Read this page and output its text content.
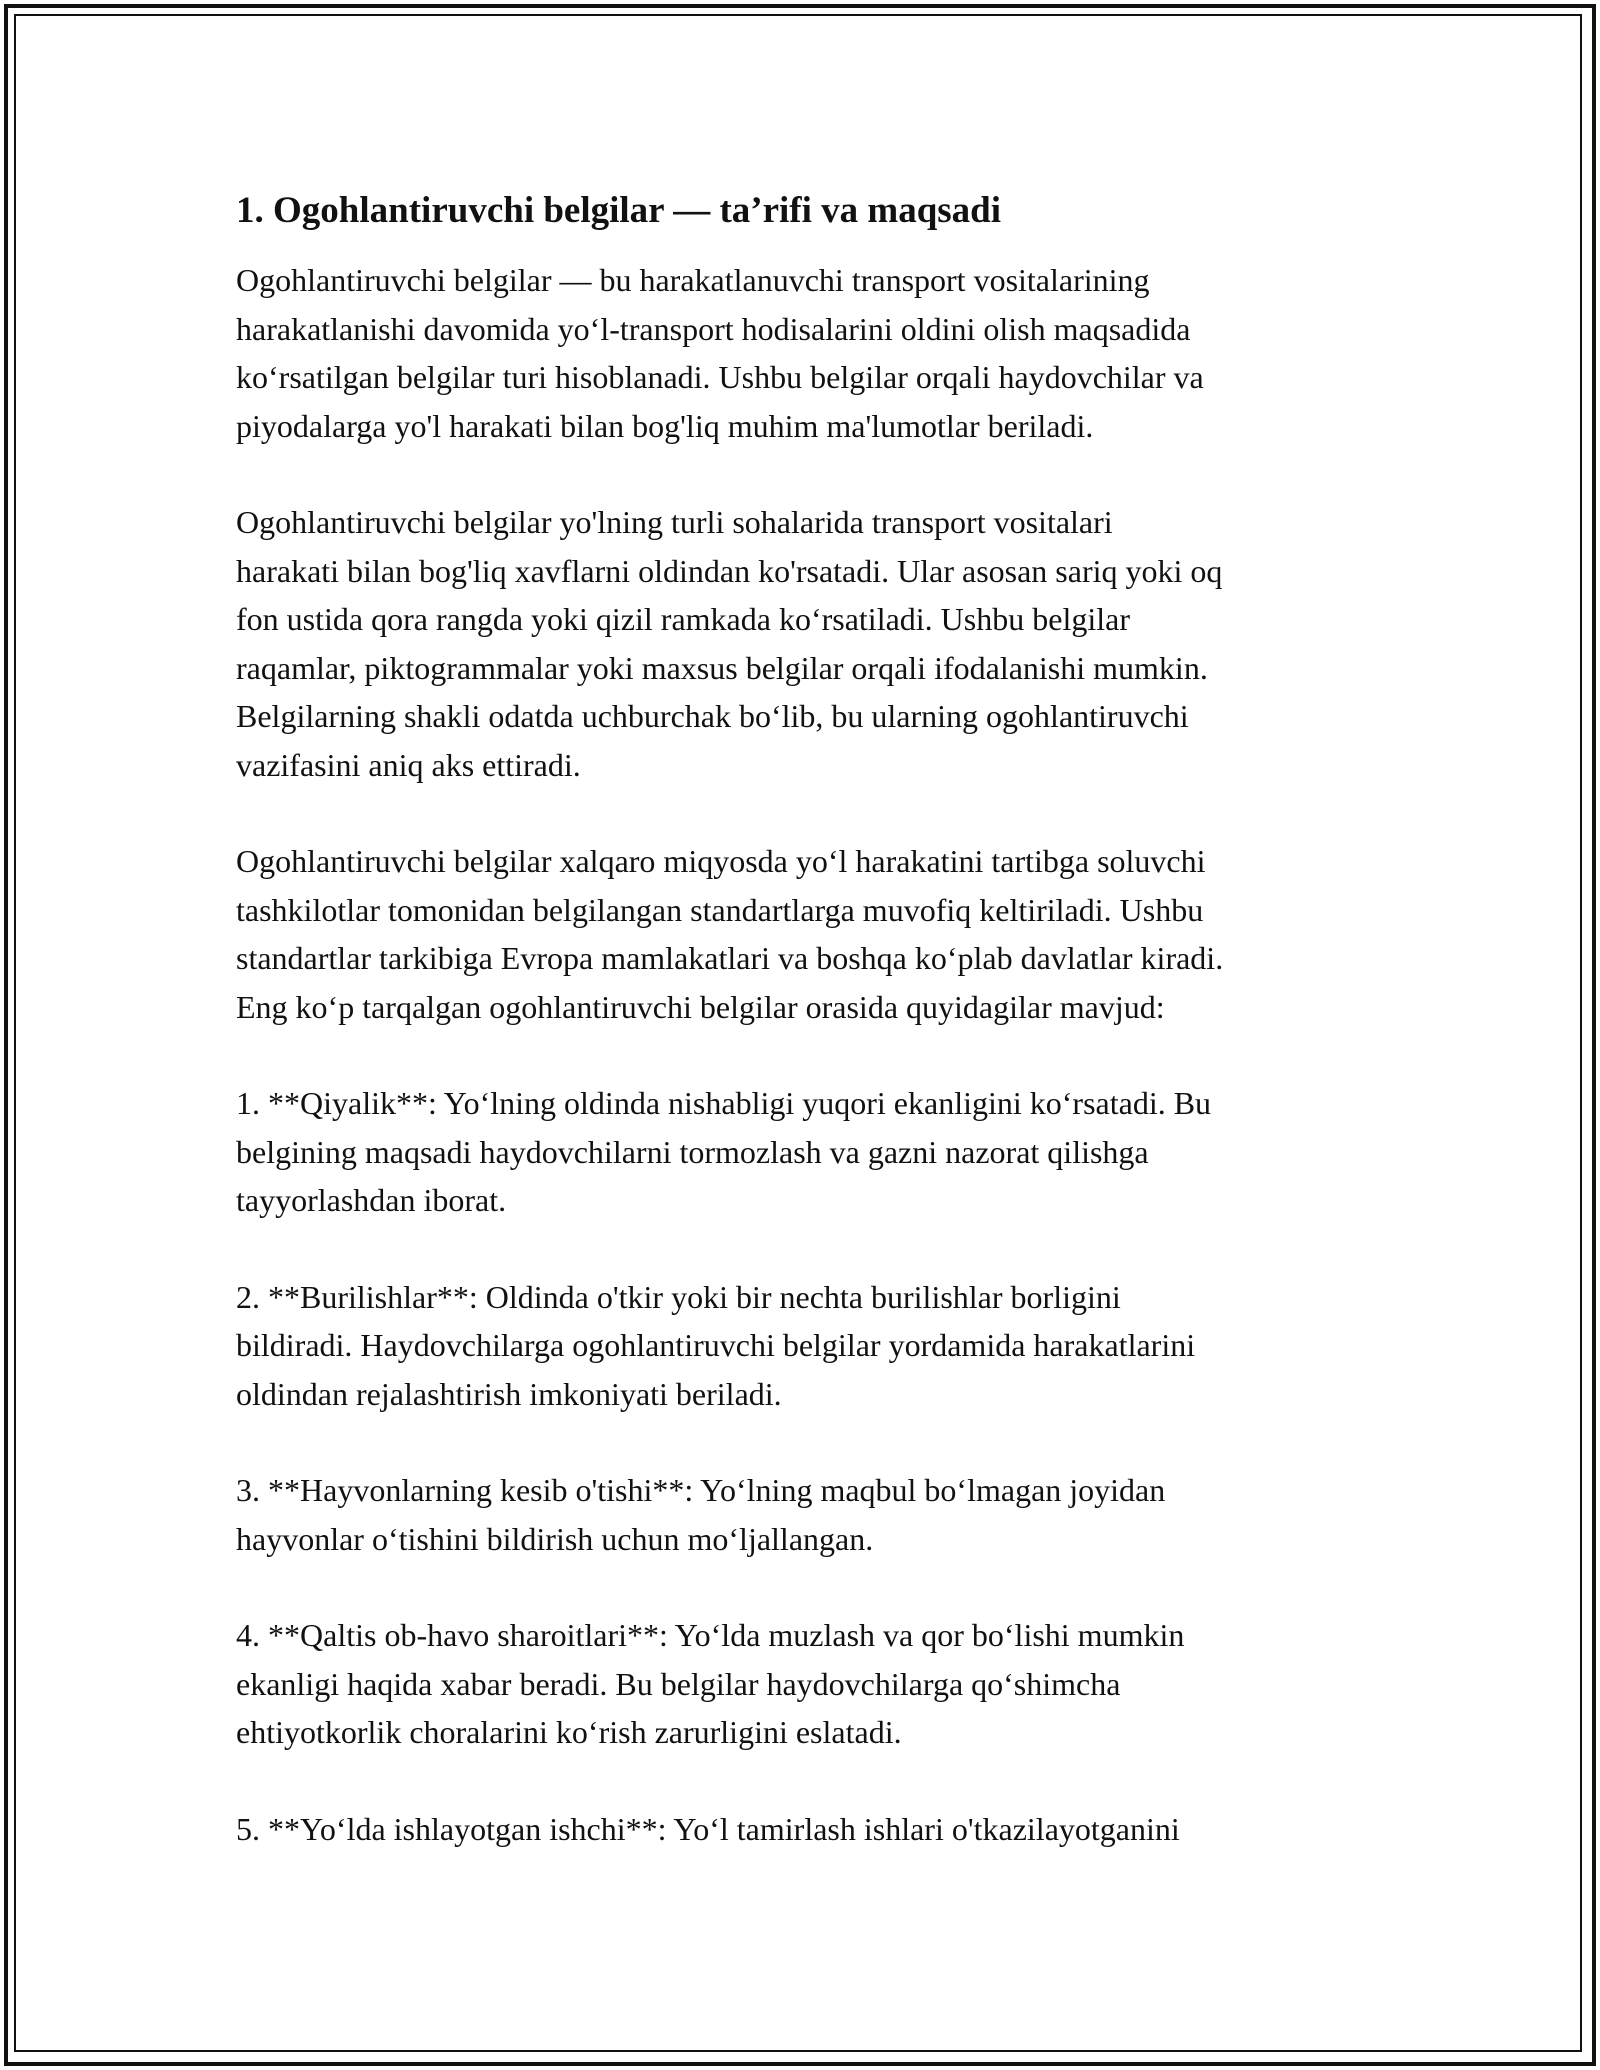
1. Ogohlantiruvchi belgilar — ta’rifi va maqsadi

Ogohlantiruvchi belgilar — bu harakatlanuvchi transport vositalarining
harakatlanishi davomida yo‘l-transport hodisalarini oldini olish maqsadida
ko‘rsatilgan belgilar turi hisoblanadi. Ushbu belgilar orqali haydovchilar va
piyodalarga yo'l harakati bilan bog'liq muhim ma'lumotlar beriladi.

Ogohlantiruvchi belgilar yo'lning turli sohalarida transport vositalari
harakati bilan bog'liq xavflarni oldindan ko'rsatadi. Ular asosan sariq yoki oq
fon ustida qora rangda yoki qizil ramkada ko‘rsatiladi. Ushbu belgilar
raqamlar, piktogrammalar yoki maxsus belgilar orqali ifodalanishi mumkin.
Belgilarning shakli odatda uchburchak bo‘lib, bu ularning ogohlantiruvchi
vazifasini aniq aks ettiradi.

Ogohlantiruvchi belgilar xalqaro miqyosda yo‘l harakatini tartibga soluvchi
tashkilotlar tomonidan belgilangan standartlarga muvofiq keltiriladi. Ushbu
standartlar tarkibiga Evropa mamlakatlari va boshqa ko‘plab davlatlar kiradi.
Eng ko‘p tarqalgan ogohlantiruvchi belgilar orasida quyidagilar mavjud:

1. **Qiyalik**: Yo‘lning oldinda nishabligi yuqori ekanligini ko‘rsatadi. Bu
belgining maqsadi haydovchilarni tormozlash va gazni nazorat qilishga
tayyorlashdan iborat.

2. **Burilishlar**: Oldinda o'tkir yoki bir nechta burilishlar borligini
bildiradi. Haydovchilarga ogohlantiruvchi belgilar yordamida harakatlarini
oldindan rejalashtirish imkoniyati beriladi.

3. **Hayvonlarning kesib o'tishi**: Yo‘lning maqbul bo‘lmagan joyidan
hayvonlar o‘tishini bildirish uchun mo‘ljallangan.

4. **Qaltis ob-havo sharoitlari**: Yo‘lda muzlash va qor bo‘lishi mumkin
ekanligi haqida xabar beradi. Bu belgilar haydovchilarga qo‘shimcha
ehtiyotkorlik choralarini ko‘rish zarurligini eslatadi.

5. **Yo‘lda ishlayotgan ishchi**: Yo‘l tamirlash ishlari o'tkazilayotganini
